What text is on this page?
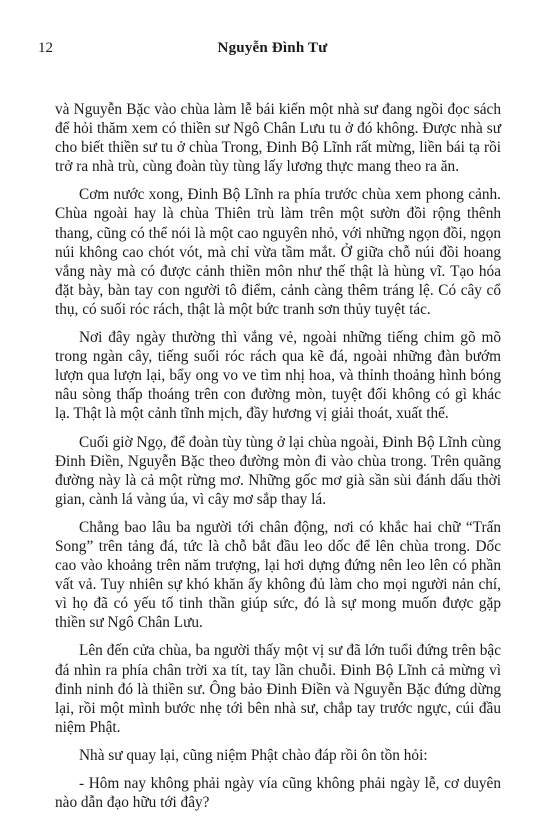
12	Nguyễn Đình Tư

và Nguyễn Bặc vào chùa làm lễ bái kiến một nhà sư đang ngồi đọc sách để hỏi thăm xem có thiền sư Ngô Chân Lưu tu ở đó không. Được nhà sư cho biết thiền sư tu ở chùa Trong, Đinh Bộ Lĩnh rất mừng, liền bái tạ rồi trở ra nhà trù, cùng đoàn tùy tùng lấy lương thực mang theo ra ăn.

Cơm nước xong, Đinh Bộ Lĩnh ra phía trước chùa xem phong cảnh. Chùa ngoài hay là chùa Thiên trù làm trên một sườn đồi rộng thênh thang, cũng có thể nói là một cao nguyên nhỏ, với những ngọn đồi, ngọn núi không cao chót vót, mà chỉ vừa tầm mắt. Ở giữa chỗ núi đồi hoang vắng này mà có được cảnh thiền môn như thế thật là hùng vĩ. Tạo hóa đặt bày, bàn tay con người tô điểm, cảnh càng thêm tráng lệ. Có cây cổ thụ, có suối róc rách, thật là một bức tranh sơn thủy tuyệt tác.

Nơi đây ngày thường thì vắng vẻ, ngoài những tiếng chim gõ mõ trong ngàn cây, tiếng suối róc rách qua kẽ đá, ngoài những đàn bướm lượn qua lượn lại, bẩy ong vo ve tìm nhị hoa, và thỉnh thoảng hình bóng nâu sòng thấp thoáng trên con đường mòn, tuyệt đối không có gì khác lạ. Thật là một cảnh tĩnh mịch, đầy hương vị giải thoát, xuất thế.

Cuối giờ Ngọ, để đoàn tùy tùng ở lại chùa ngoài, Đinh Bộ Lĩnh cùng Đinh Điền, Nguyễn Bặc theo đường mòn đi vào chùa trong. Trên quãng đường này là cả một rừng mơ. Những gốc mơ già sần sùi đánh dấu thời gian, cành lá vàng úa, vì cây mơ sắp thay lá.

Chẳng bao lâu ba người tới chân động, nơi có khắc hai chữ “Trấn Song” trên tảng đá, tức là chỗ bắt đầu leo dốc để lên chùa trong. Dốc cao vào khoảng trên năm trượng, lại hơi dựng đứng nên leo lên có phần vất vả. Tuy nhiên sự khó khăn ấy không đủ làm cho mọi người nản chí, vì họ đã có yếu tố tinh thần giúp sức, đó là sự mong muốn được gặp thiền sư Ngô Chân Lưu.

Lên đến cửa chùa, ba người thấy một vị sư đã lớn tuổi đứng trên bậc đá nhìn ra phía chân trời xa tít, tay lần chuỗi. Đinh Bộ Lĩnh cả mừng vì đinh ninh đó là thiền sư. Ông bảo Đinh Điền và Nguyễn Bặc đứng dừng lại, rồi một mình bước nhẹ tới bên nhà sư, chắp tay trước ngực, cúi đầu niệm Phật.

Nhà sư quay lại, cũng niệm Phật chào đáp rồi ôn tồn hỏi:

- Hôm nay không phải ngày vía cũng không phải ngày lễ, cơ duyên nào dẫn đạo hữu tới đây?
